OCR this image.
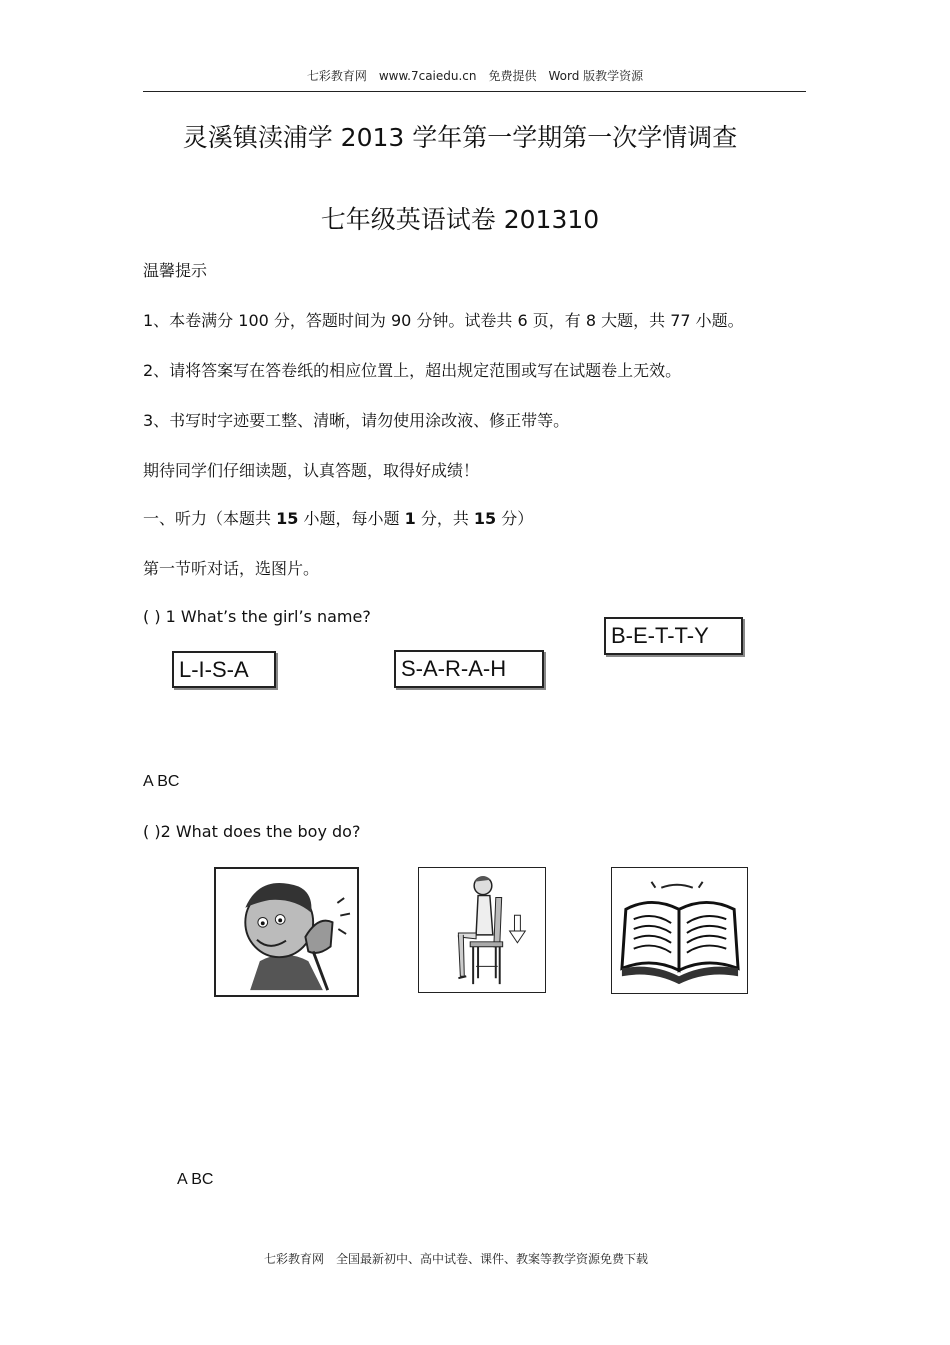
七彩教育网　www.7caiedu.cn　免费提供　Word 版教学资源
灵溪镇渎浦学 2013 学年第一学期第一次学情调查
七年级英语试卷 201310
温馨提示
1、本卷满分 100 分，答题时间为 90 分钟。试卷共 6 页，有 8 大题，共 77 小题。
2、请将答案写在答卷纸的相应位置上，超出规定范围或写在试题卷上无效。
3、书写时字迹要工整、清晰，请勿使用涂改液、修正带等。
期待同学们仔细读题，认真答题，取得好成绩！
一、听力（本题共 15 小题，每小题 1 分，共 15 分）
第一节听对话，选图片。
( ) 1 What’s the girl’s name?
L-I-S-A	S-A-R-A-H
B-E-T-T-Y
A BC
( )2 What does the boy do?
A BC
七彩教育网　全国最新初中、高中试卷、课件、教案等教学资源免费下载
